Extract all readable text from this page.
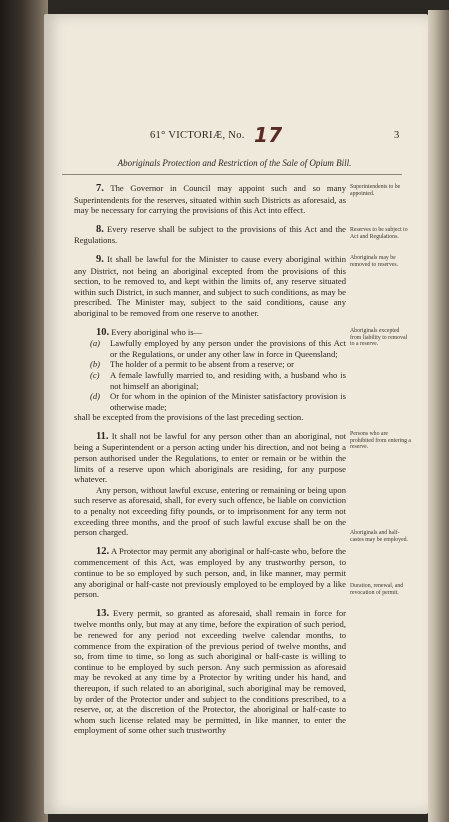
61° VICTORIÆ, No. 17	3
Aboriginals Protection and Restriction of the Sale of Opium Bill.

7. The Governor in Council may appoint such and so many Superintendents for the reserves, situated within such Districts as aforesaid, as may be necessary for carrying the provisions of this Act into effect.

8. Every reserve shall be subject to the provisions of this Act and the Regulations.

9. It shall be lawful for the Minister to cause every aboriginal within any District, not being an aboriginal excepted from the provisions of this section, to be removed to, and kept within the limits of, any reserve situated within such District, in such manner, and subject to such conditions, as may be prescribed. The Minister may, subject to the said conditions, cause any aboriginal to be removed from one reserve to another.

10. Every aboriginal who is—

(a) Lawfully employed by any person under the provisions of this Act or the Regulations, or under any other law in force in Queensland;
(b) The holder of a permit to be absent from a reserve; or
(c) A female lawfully married to, and residing with, a husband who is not himself an aboriginal;
(d) Or for whom in the opinion of the Minister satisfactory provision is otherwise made;

shall be excepted from the provisions of the last preceding section.

11. It shall not be lawful for any person other than an aboriginal, not being a Superintendent or a person acting under his direction, and not being a person authorised under the Regulations, to enter or remain or be within the limits of a reserve upon which aboriginals are residing, for any purpose whatever.

Any person, without lawful excuse, entering or remaining or being upon such reserve as aforesaid, shall, for every such offence, be liable on conviction to a penalty not exceeding fifty pounds, or to imprisonment for any term not exceeding three months, and the proof of such lawful excuse shall be on the person charged.

12. A Protector may permit any aboriginal or half-caste who, before the commencement of this Act, was employed by any trustworthy person, to continue to be so employed by such person, and, in like manner, may permit any aboriginal or half-caste not previously employed to be employed by a like person.

13. Every permit, so granted as aforesaid, shall remain in force for twelve months only, but may at any time, before the expiration of such period, be renewed for any period not exceeding twelve calendar months, to commence from the expiration of the previous period of twelve months, and so, from time to time, so long as such aboriginal or half-caste is willing to continue to be employed by such person. Any such permission as aforesaid may be revoked at any time by a Protector by writing under his hand, and thereupon, if such related to an aboriginal, such aboriginal may be removed, by order of the Protector under and subject to the conditions prescribed, to a reserve, or, at the discretion of the Protector, the aboriginal or half-caste to whom such license related may be permitted, in like manner, to enter the employment of some other such trustworthy

Superintendents to be appointed.
Reserves to be subject to Act and Regulations.
Aboriginals may be removed to reserves.
Aboriginals excepted from liability to removal to a reserve.
Persons who are prohibited from entering a reserve.
Aboriginals and half-castes may be employed.
Duration, renewal, and revocation of permit.
